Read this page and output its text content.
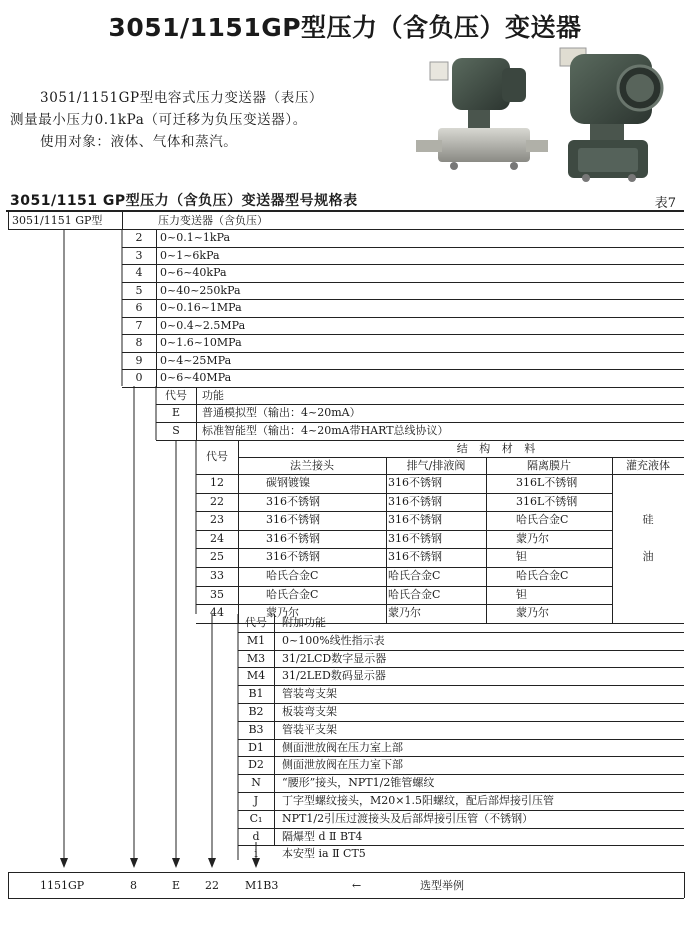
3051/1151GP型压力（含负压）变送器
3051/1151GP型电容式压力变送器（表压）
测量最小压力0.1kPa（可迁移为负压变送器）。
使用对象：液体、气体和蒸汽。
3051/1151 GP型压力（含负压）变送器型号规格表	表7
3051/1151 GP型	压力变送器（含负压）
2	0~0.1~1kPa
3	0~1~6kPa
4	0~6~40kPa
5	0~40~250kPa
6	0~0.16~1MPa
7	0~0.4~2.5MPa
8	0~1.6~10MPa
9	0~4~25MPa
0	0~6~40MPa
代号	功能
E	普通模拟型（输出：4~20mA）
S	标准智能型（输出：4~20mA带HART总线协议）
代号
结 构 材 料
法兰接头	排气/排液阀	隔离膜片	灌充液体
12	碳钢镀镍	316不锈钢	316L不锈钢
22	316不锈钢	316不锈钢	316L不锈钢
23	316不锈钢	316不锈钢	哈氏合金C
24	316不锈钢	316不锈钢	蒙乃尔
25	316不锈钢	316不锈钢	钽
33	哈氏合金C	哈氏合金C	哈氏合金C
35	哈氏合金C	哈氏合金C	钽
44	蒙乃尔	蒙乃尔	蒙乃尔
硅
油
代号	附加功能
M1	0~100%线性指示表
M3	31/2LCD数字显示器
M4	31/2LED数码显示器
B1	管装弯支架
B2	板装弯支架
B3	管装平支架
D1	侧面泄放阀在压力室上部
D2	侧面泄放阀在压力室下部
N	“腰形”接头，NPT1/2锥管螺纹
J	丁字型螺纹接头，M20×1.5阳螺纹，配后部焊接引压管
C₁	NPT1/2引压过渡接头及后部焊接引压管（不锈钢）
d	隔爆型 d Ⅱ BT4
i	本安型 ia Ⅱ CT5
1151GP	8	E 22 M1B3	←	选型举例
